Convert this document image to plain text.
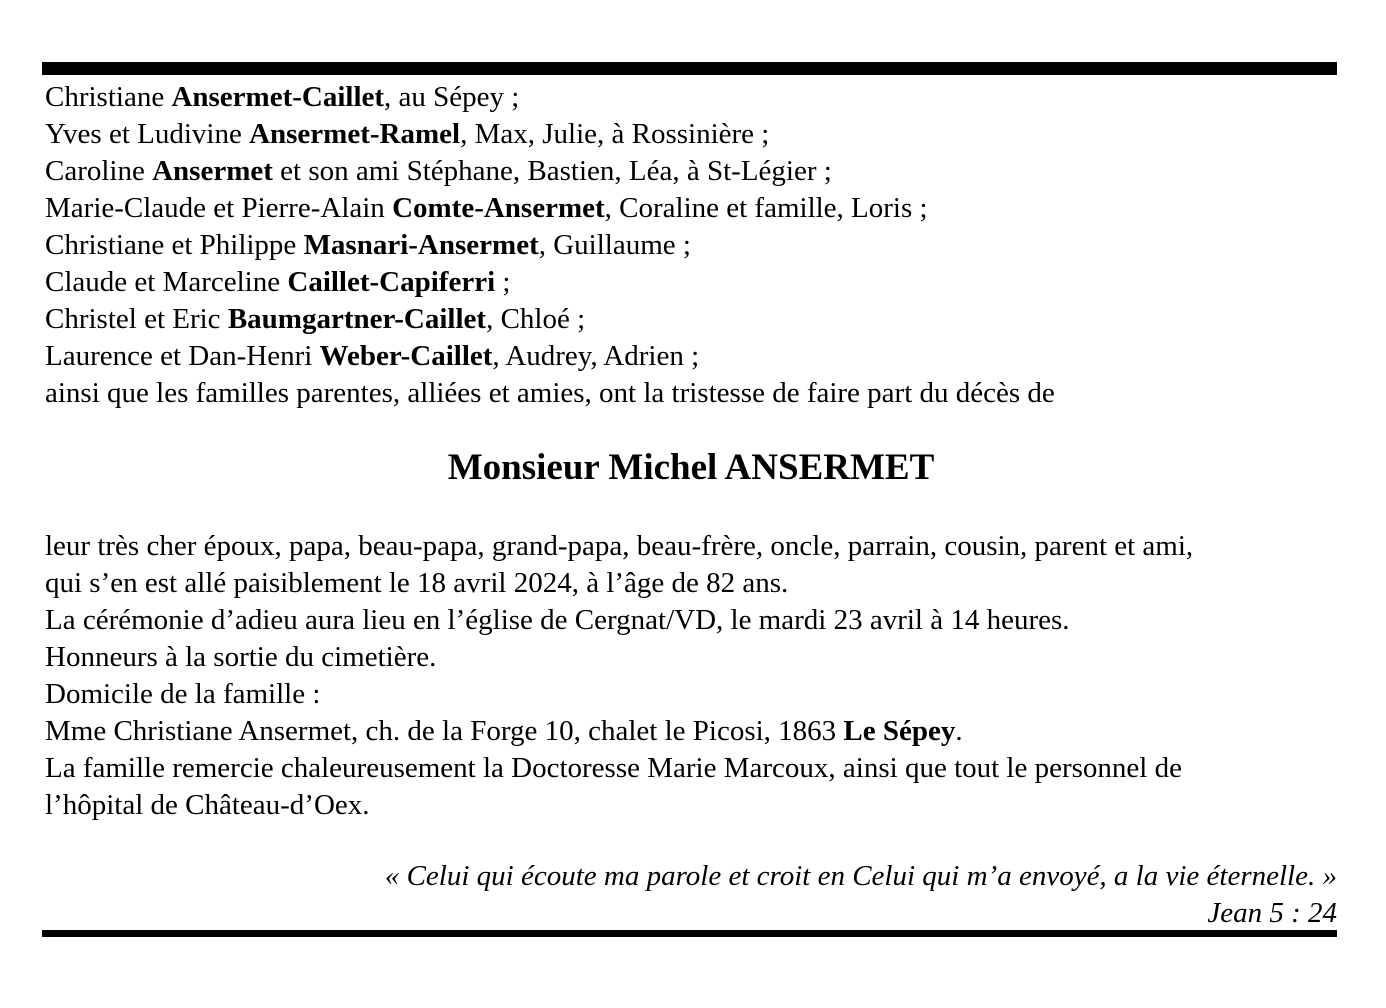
Christiane Ansermet-Caillet, au Sépey ;
Yves et Ludivine Ansermet-Ramel, Max, Julie, à Rossinière ;
Caroline Ansermet et son ami Stéphane, Bastien, Léa, à St-Légier ;
Marie-Claude et Pierre-Alain Comte-Ansermet, Coraline et famille, Loris ;
Christiane et Philippe Masnari-Ansermet, Guillaume ;
Claude et Marceline Caillet-Capiferri ;
Christel et Eric Baumgartner-Caillet, Chloé ;
Laurence et Dan-Henri Weber-Caillet, Audrey, Adrien ;
ainsi que les familles parentes, alliées et amies, ont la tristesse de faire part du décès de
Monsieur Michel ANSERMET
leur très cher époux, papa, beau-papa, grand-papa, beau-frère, oncle, parrain, cousin, parent et ami,
qui s’en est allé paisiblement le 18 avril 2024, à l’âge de 82 ans.
La cérémonie d’adieu aura lieu en l’église de Cergnat/VD, le mardi 23 avril à 14 heures.
Honneurs à la sortie du cimetière.
Domicile de la famille :
Mme Christiane Ansermet, ch. de la Forge 10, chalet le Picosi, 1863 Le Sépey.
La famille remercie chaleureusement la Doctoresse Marie Marcoux, ainsi que tout le personnel de
l’hôpital de Château-d’Oex.
« Celui qui écoute ma parole et croit en Celui qui m’a envoyé, a la vie éternelle. »
Jean 5 : 24
